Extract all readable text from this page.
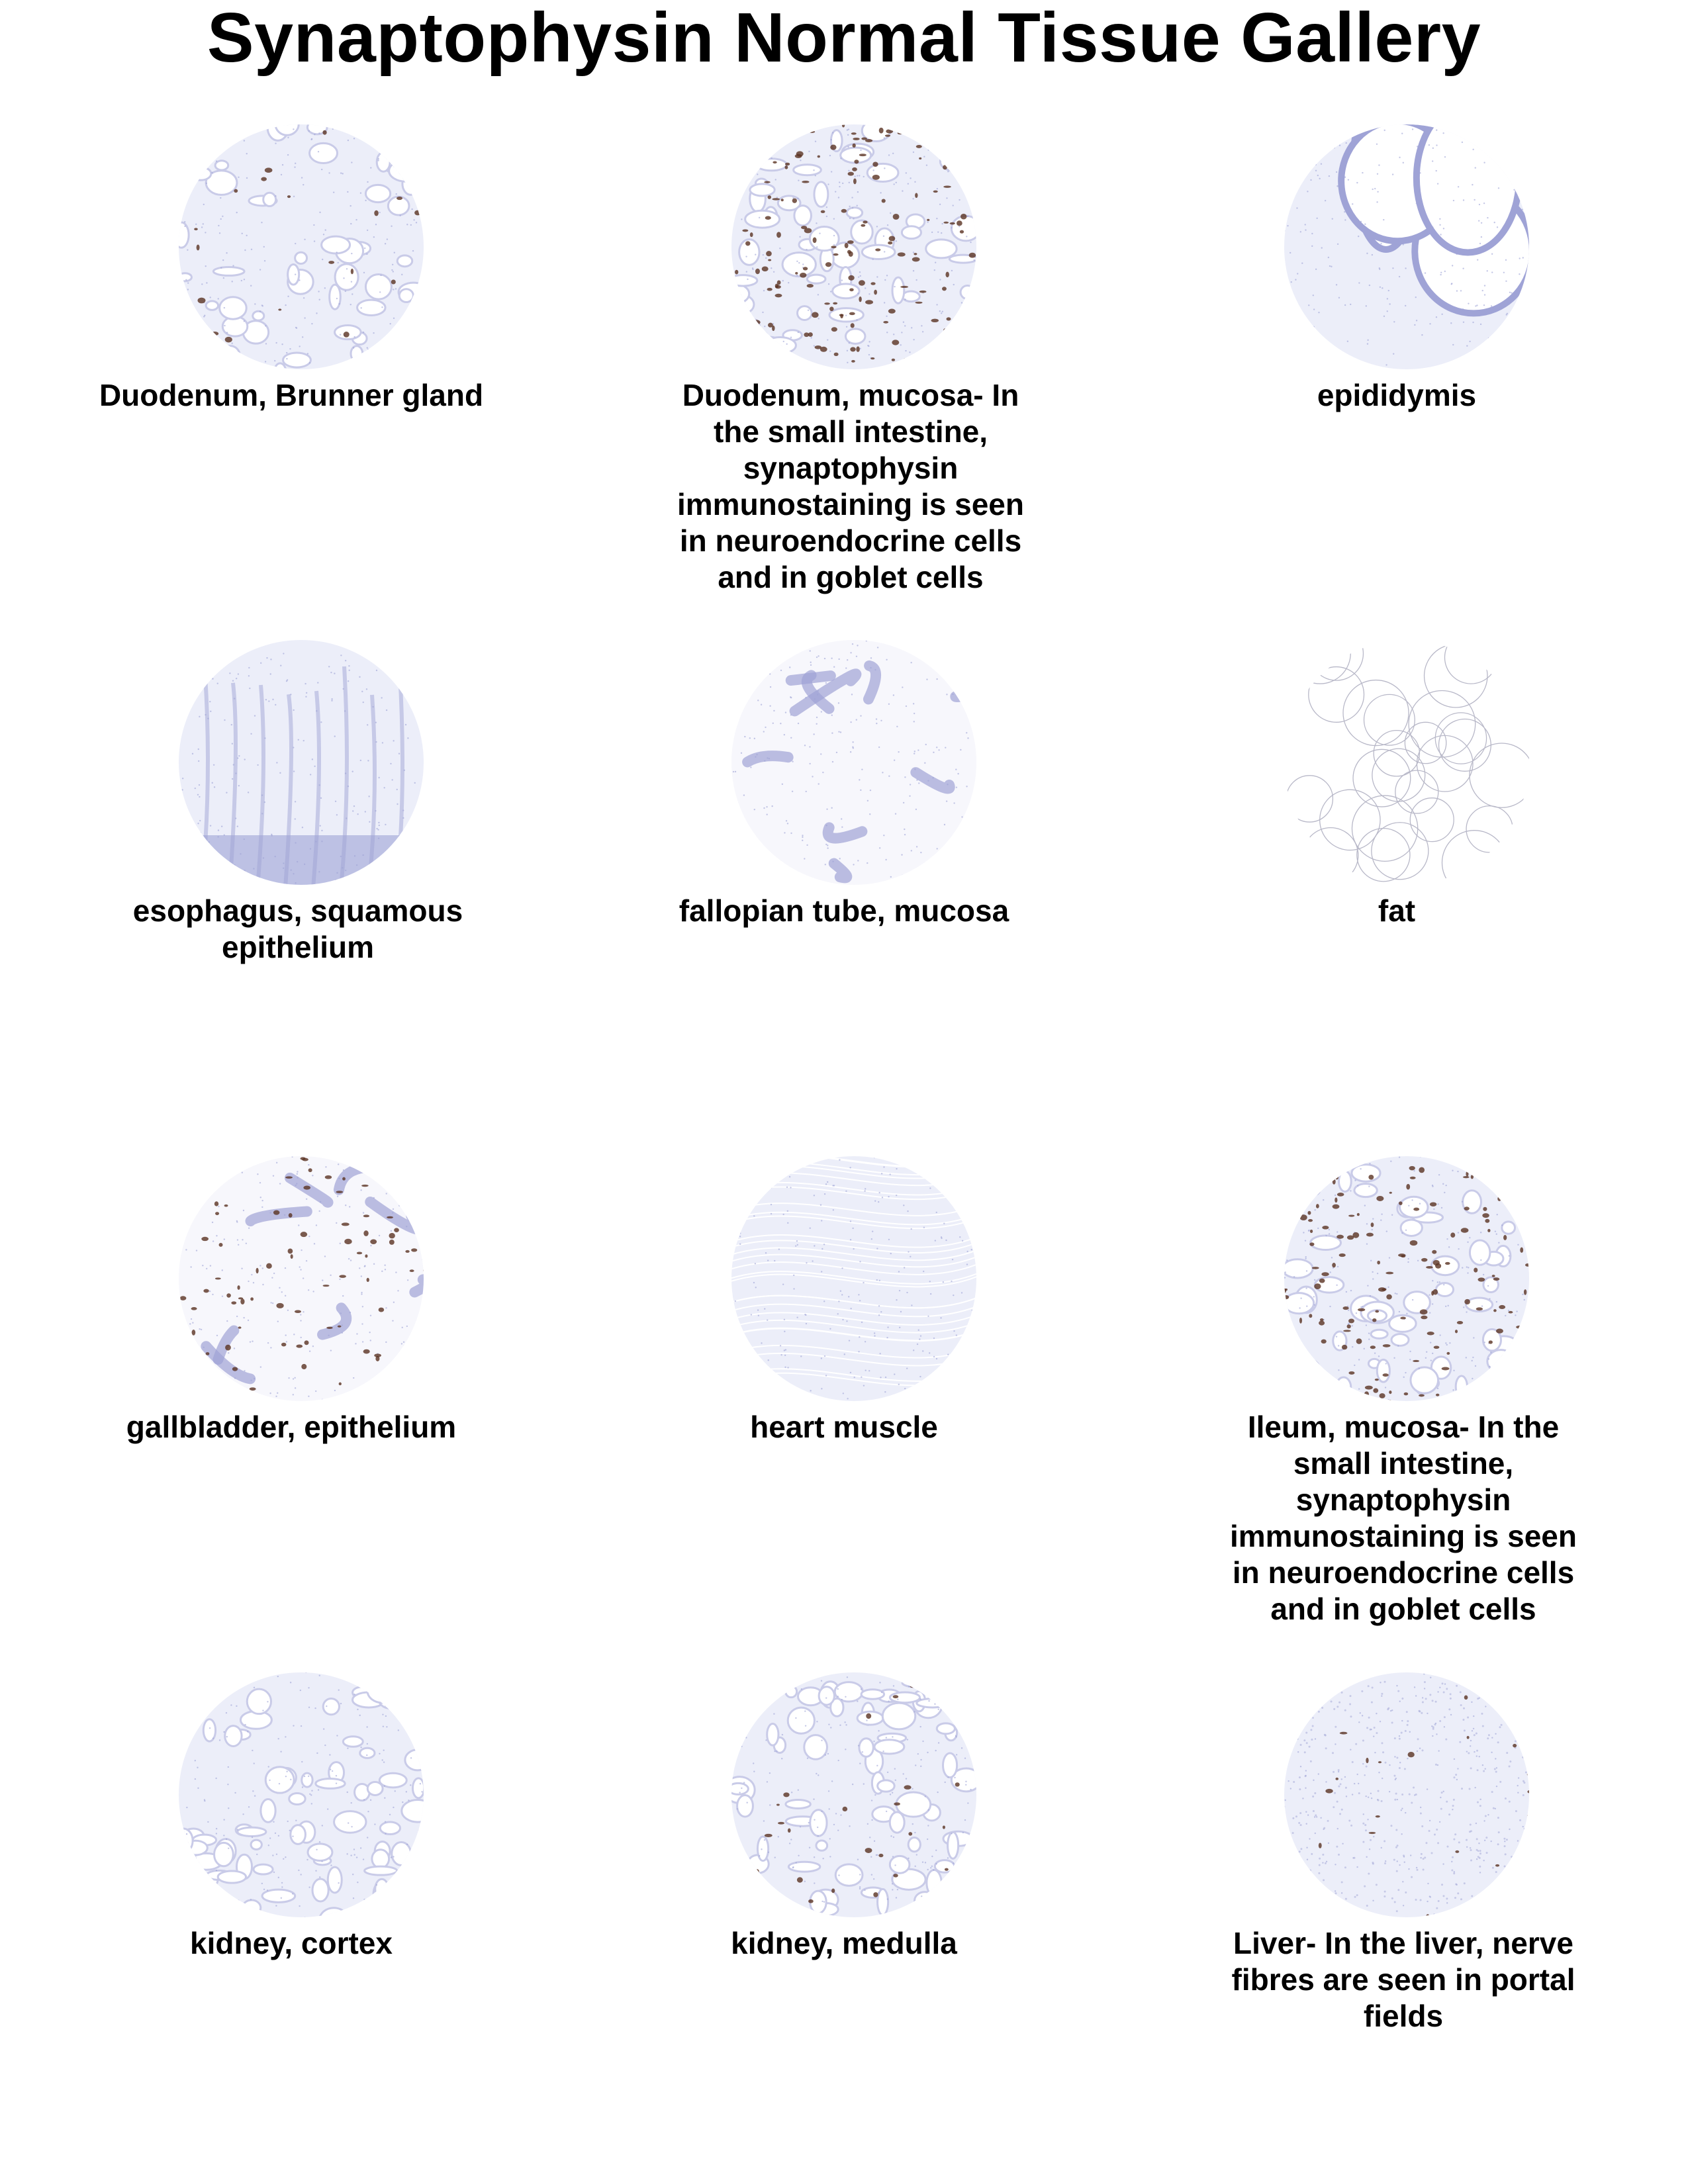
Synaptophysin Normal Tissue Gallery
Duodenum, Brunner gland	Duodenum, mucosa- In the small intestine, synaptophysin immunostaining is seen in neuroendocrine cells and in goblet cells
epididymis
esophagus, squamous epithelium
fallopian tube, mucosa	fat
gallbladder, epithelium	heart muscle	Ileum, mucosa- In the small intestine, synaptophysin immunostaining is seen in neuroendocrine cells and in goblet cells
kidney, cortex	kidney, medulla	Liver- In the liver, nerve fibres are seen in portal fields
